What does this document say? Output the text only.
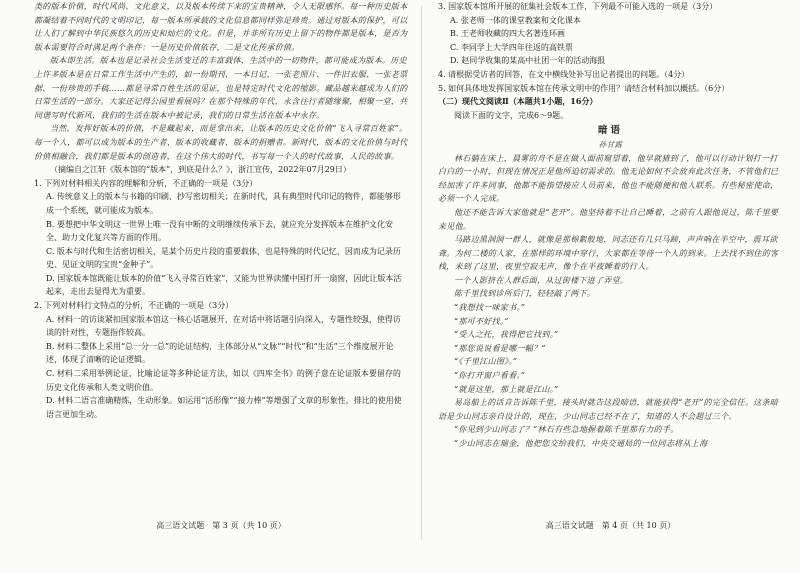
类的版本价值，时代风尚、文化意义，以及版本传续下来的宝贵精神，令人无限感怀。每一种历史版本都凝结着不同时代的文明印记，每一版本所承载的文化信息都同样弥足珍贵。通过对版本的保护，可以让人们了解到中华民族悠久的历史和灿烂的文化。但是，并非所有历史上留下的物件都是版本，是否为版本需要符合时满足两个条件：一是历史价值依存，二是文化传承价值。

版本即生活。版本也是记录社会生活变迁的丰富载体，生活中的一切物件，都可能成为版本。历史上许多版本是在日常工作生活中产生的，如一份期刊、一本日记、一张老照片、一件旧衣服、一张老票据、一份珍贵的手稿……都是寻常百姓生活的见证，也是特定时代文化的缩影。藏品越来越成为人们的日常生活的一部分。大家还记得公园里看展吗？在那个特殊的年代，永含往行者随缘聚，相聚一堂，共同谱写时代新风，我们的生活在版本中被记录，我们的日常生活在版本中永存。

当然，发挥好版本的价值，不是藏起来，而是拿出来，让版本的历史文化价值“飞入寻常百姓家”。每一个人，都可以成为版本的生产者、版本的收藏者、版本的捐赠者。新时代，版本的文化价值与时代价值相融合，我们都是版本的创造者，在这个伟大的时代，书写每一个人的时代故事，人民的故事。

（摘编自之江轩《版本馆的“版本”，到底是什么？》，浙江宣传，2022年07月29日）

1. 下列对材料相关内容的理解和分析，不正确的一项是（3分）

A. 传统意义上的版本与书籍的印刷、抄写密切相关；在新时代，具有典型时代印记的物件，都能够形成一个系统，就可能成为版本。

B. 要想把中华文明这一世界上唯一没有中断的文明继续传承下去，就应充分发挥版本在维护文化安全、助力文化复兴等方面的作用。

C. 版本与时代和生活密切相关，是某个历史片段的重要载体，也是特殊的时代记忆，因而成为记录历史、见证文明的宝贵“金种子”。

D. 国家版本馆既能让版本的价值“飞入寻常百姓家”，又能为世界读懂中国打开一扇窗，因此让版本活起来，走出去显得尤为重要。

2. 下列对材料行文特点的分析，不正确的一项是（3分）

A. 材料一的访谈紧扣国家版本馆这一核心话题展开，在对话中将话题引向深入，专题性较强，使得访谈的针对性，专题指作较高。

B. 材料二整体上采用“总一分一总”的论证结构，主体部分从“文脉”“时代”和“生活”三个维度展开论述，体现了清晰的论证逻辑。

C. 材料二采用举例论证，比喻论证等多种论证方法，如以《四库全书》的例子意在论证版本要留存的历史文化传承和人类文明价值。

D. 材料二语言准确精炼，生动形象。如运用“活形像”“接力棒”等增强了文章的形象性，排比的使用使语言更加生动。

3. 国家版本馆所开展的征集社会版本工作，下列最不可能入选的一项是（3分）

A. 张老师一体的课堂教案和文化课本

B. 王老师收藏的四大名著连环画

C. 李同学上大学四年往返的高铁票

D. 赵同学收集的某高中社团一年的活动海报

4. 请根据受访者的回答，在文中横线处补写出记者提出的问题。（4分）

5. 如何具体地发挥国家版本馆在传承文明中的作用？请结合材料加以概括。（6分）

（二）现代文阅读Ⅱ（本题共1小题，16分）

阅读下面的文字，完成6～9题。

暗语

孙甘露

林石躺在床上，晨雾的舟不是在做人面前窥望着，他早就猜到了，他可以行动计划打一打白白的一小时，但现在情况正是他所迫切需求的。他无论如何不会放弃此次任务，不管他们已经加害了许多同事，他都不能指望接应人员前来，他也不能随便和他人联系。有些秘密使命，必须一个人完成。

他还不能告诉大家他就是“老开”。他坚持着不让自己睡着，之前有人跟他说过，陈千里要来见他。

马路边黑洞洞一群人，就像是那棉絮般地，同志还有几只马蹄，声声响在半空中，震耳欲聋。为何二楼的人家，在那样的环境中穿行，大家都在等待一个人的到来。上去找不到住的客栈，来到了这里，夜里空寂无声，像个在半夜睡着的行人。

一个人影挤在人群后面，从过街楼下进了弄堂。

陈千里找到诊所后门，轻轻敲了两下。

“我想找一味家书。”

“那可不好找。”

“受人之托，我得把它找到。”

“那您说说看是哪一幅？”

“《千里江山图》。”

“你打开窗户看看。”

“就是这里，那上就是江山。”

易岛船上的话音告诉陈千里，接头时就告这段暗语，就能获得“老开”的完全信任。这条暗语是少山同志亲自设计的，现在，少山同志已经不在了，知道的人不会超过三个。

“你见到少山同志了？”林石有些急地握着陈千里那有力的手。

“少山同志在瑞金，他把您交给我们，中央交通局的一位同志将从上海

高三语文试题　第 3 页（共 10 页）	高三语文试题　第 4 页（共 10 页）
